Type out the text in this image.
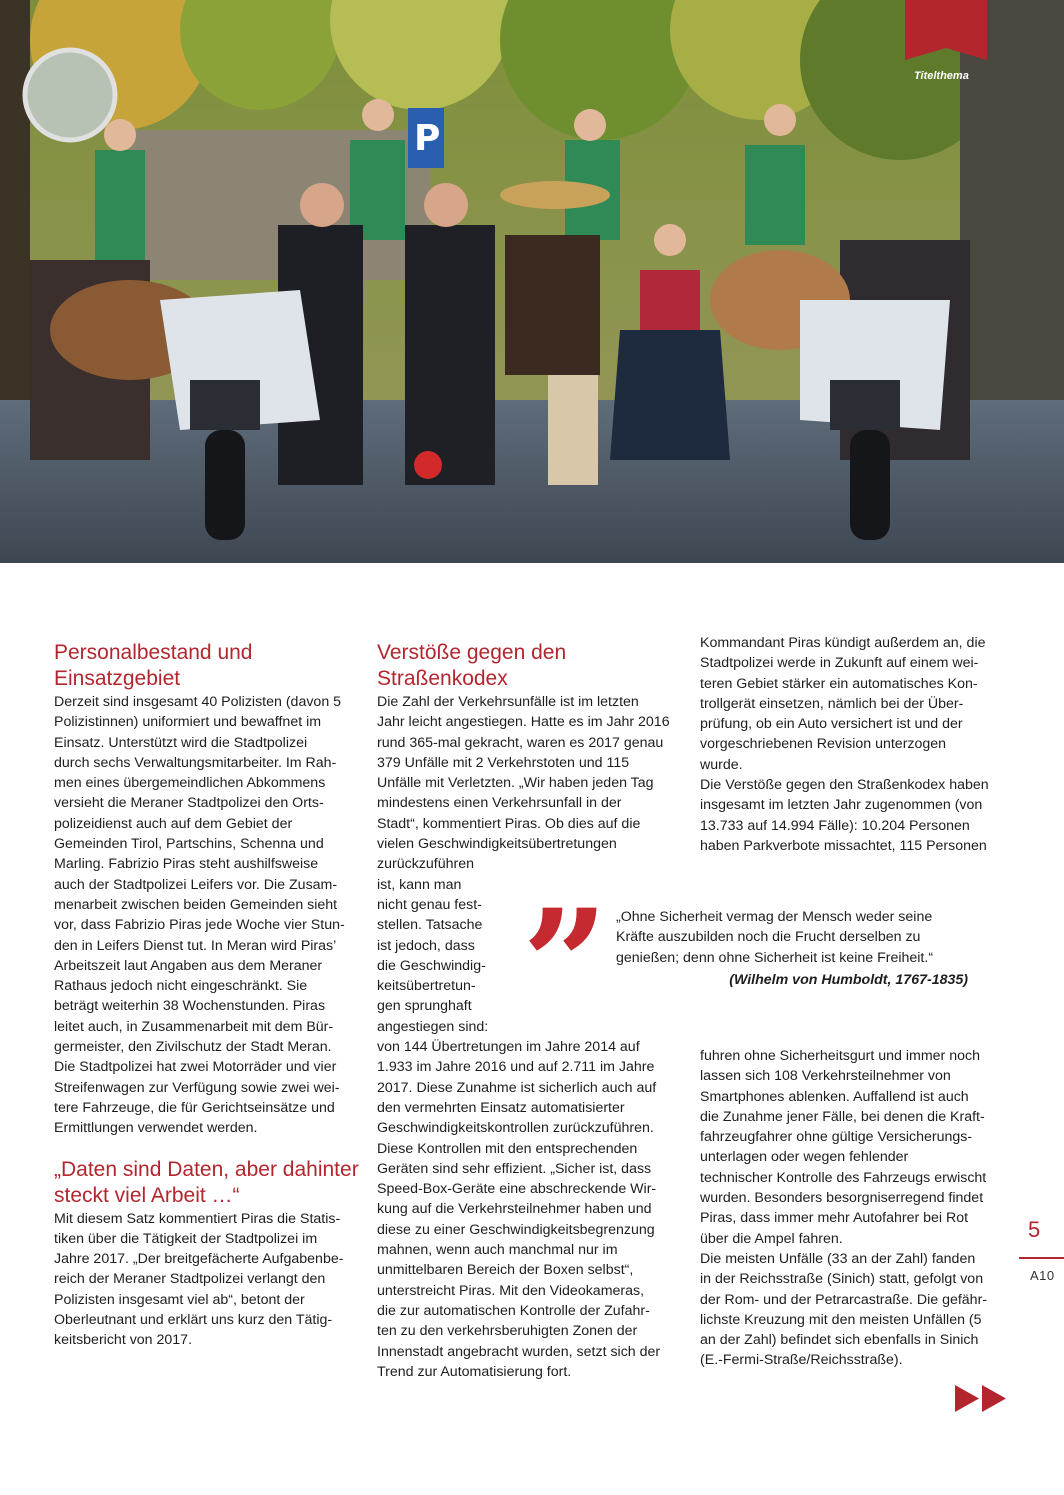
P
Titelthema
Personalbestand und Einsatzgebiet
Derzeit sind insgesamt 40 Polizisten (davon 5
Polizistinnen) uniformiert und bewaffnet im
Einsatz. Unterstützt wird die Stadtpolizei
durch sechs Verwaltungsmitarbeiter. Im Rah-
men eines übergemeindlichen Abkommens
versieht die Meraner Stadtpolizei den Orts-
polizeidienst auch auf dem Gebiet der
Gemeinden Tirol, Partschins, Schenna und
Marling. Fabrizio Piras steht aushilfsweise
auch der Stadtpolizei Leifers vor. Die Zusam-
menarbeit zwischen beiden Gemeinden sieht
vor, dass Fabrizio Piras jede Woche vier Stun-
den in Leifers Dienst tut. In Meran wird Piras’
Arbeitszeit laut Angaben aus dem Meraner
Rathaus jedoch nicht eingeschränkt. Sie
beträgt weiterhin 38 Wochenstunden. Piras
leitet auch, in Zusammenarbeit mit dem Bür-
germeister, den Zivilschutz der Stadt Meran.
Die Stadtpolizei hat zwei Motorräder und vier
Streifenwagen zur Verfügung sowie zwei wei-
tere Fahrzeuge, die für Gerichtseinsätze und
Ermittlungen verwendet werden.
„Daten sind Daten, aber dahinter steckt viel Arbeit …“
Mit diesem Satz kommentiert Piras die Statis-
tiken über die Tätigkeit der Stadtpolizei im
Jahre 2017. „Der breitgefächerte Aufgabenbe-
reich der Meraner Stadtpolizei verlangt den
Polizisten insgesamt viel ab“, betont der
Oberleutnant und erklärt uns kurz den Tätig-
keitsbericht von 2017.
Verstöße gegen den Straßenkodex
Die Zahl der Verkehrsunfälle ist im letzten
Jahr leicht angestiegen. Hatte es im Jahr 2016
rund 365-mal gekracht, waren es 2017 genau
379 Unfälle mit 2 Verkehrstoten und 115
Unfälle mit Verletzten. „Wir haben jeden Tag
mindestens einen Verkehrsunfall in der
Stadt“, kommentiert Piras. Ob dies auf die
vielen Geschwindigkeitsübertretungen
zurückzuführen
ist, kann man
nicht genau fest-
stellen. Tatsache
ist jedoch, dass
die Geschwindig-
keitsübertretun-
gen sprunghaft
angestiegen sind:
von 144 Übertretungen im Jahre 2014 auf
1.933 im Jahre 2016 und auf 2.711 im Jahre
2017. Diese Zunahme ist sicherlich auch auf
den vermehrten Einsatz automatisierter
Geschwindigkeitskontrollen zurückzuführen.
Diese Kontrollen mit den entsprechenden
Geräten sind sehr effizient. „Sicher ist, dass
Speed-Box-Geräte eine abschreckende Wir-
kung auf die Verkehrsteilnehmer haben und
diese zu einer Geschwindigkeitsbegrenzung
mahnen, wenn auch manchmal nur im
unmittelbaren Bereich der Boxen selbst“,
unterstreicht Piras. Mit den Videokameras,
die zur automatischen Kontrolle der Zufahr-
ten zu den verkehrsberuhigten Zonen der
Innenstadt angebracht wurden, setzt sich der
Trend zur Automatisierung fort.
Kommandant Piras kündigt außerdem an, die
Stadtpolizei werde in Zukunft auf einem wei-
teren Gebiet stärker ein automatisches Kon-
trollgerät einsetzen, nämlich bei der Über-
prüfung, ob ein Auto versichert ist und der
vorgeschriebenen Revision unterzogen
wurde.
Die Verstöße gegen den Straßenkodex haben
insgesamt im letzten Jahr zugenommen (von
13.733 auf 14.994 Fälle): 10.204 Personen
haben Parkverbote missachtet, 115 Personen
” „Ohne Sicherheit vermag der Mensch weder seine
Kräfte auszubilden noch die Frucht derselben zu
genießen; denn ohne Sicherheit ist keine Freiheit.“
(Wilhelm von Humboldt, 1767-1835)
fuhren ohne Sicherheitsgurt und immer noch
lassen sich 108 Verkehrsteilnehmer von
Smartphones ablenken. Auffallend ist auch
die Zunahme jener Fälle, bei denen die Kraft-
fahrzeugfahrer ohne gültige Versicherungs-
unterlagen oder wegen fehlender
technischer Kontrolle des Fahrzeugs erwischt
wurden. Besonders besorgniserregend findet
Piras, dass immer mehr Autofahrer bei Rot
über die Ampel fahren.
Die meisten Unfälle (33 an der Zahl) fanden
in der Reichsstraße (Sinich) statt, gefolgt von
der Rom- und der Petrarcastraße. Die gefähr-
lichste Kreuzung mit den meisten Unfällen (5
an der Zahl) befindet sich ebenfalls in Sinich
(E.-Fermi-Straße/Reichsstraße).
5
A10
